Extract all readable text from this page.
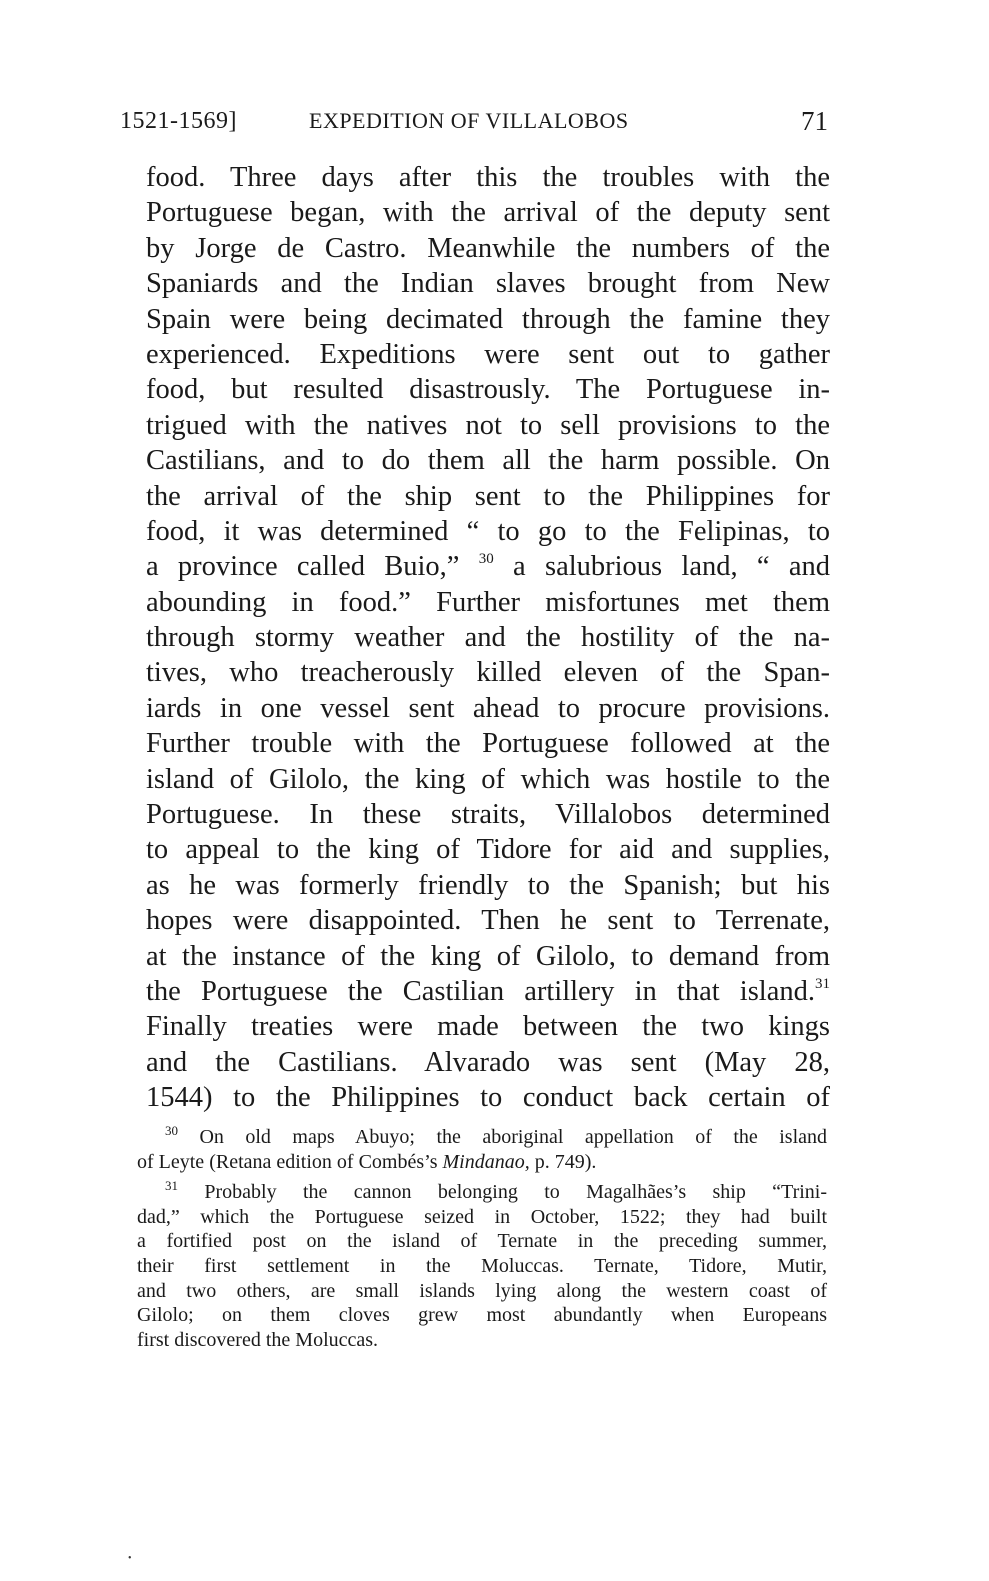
1521-1569]	EXPEDITION OF VILLALOBOS	71
food. Three days after this the troubles with the
Portuguese began, with the arrival of the deputy sent
by Jorge de Castro. Meanwhile the numbers of the
Spaniards and the Indian slaves brought from New
Spain were being decimated through the famine they
experienced. Expeditions were sent out to gather
food, but resulted disastrously. The Portuguese in-
trigued with the natives not to sell provisions to the
Castilians, and to do them all the harm possible. On
the arrival of the ship sent to the Philippines for
food, it was determined “ to go to the Felipinas, to
a province called Buio,” $^{30}$ a salubrious land, “ and
abounding in food.” Further misfortunes met them
through stormy weather and the hostility of the na-
tives, who treacherously killed eleven of the Span-
iards in one vessel sent ahead to procure provisions.
Further trouble with the Portuguese followed at the
island of Gilolo, the king of which was hostile to the
Portuguese. In these straits, Villalobos determined
to appeal to the king of Tidore for aid and supplies,
as he was formerly friendly to the Spanish; but his
hopes were disappointed. Then he sent to Terrenate,
at the instance of the king of Gilolo, to demand from
the Portuguese the Castilian artillery in that island.$^{31}$
Finally treaties were made between the two kings
and the Castilians. Alvarado was sent (May 28,
1544) to the Philippines to conduct back certain of
$^{30}$ On old maps Abuyo; the aboriginal appellation of the island
of Leyte (Retana edition of Combés’s Mindanao, p. 749).
$^{31}$ Probably the cannon belonging to Magalhães’s ship “Trini-
dad,” which the Portuguese seized in October, 1522; they had built
a fortified post on the island of Ternate in the preceding summer,
their first settlement in the Moluccas. Ternate, Tidore, Mutir,
and two others, are small islands lying along the western coast of
Gilolo; on them cloves grew most abundantly when Europeans
first discovered the Moluccas.
•
